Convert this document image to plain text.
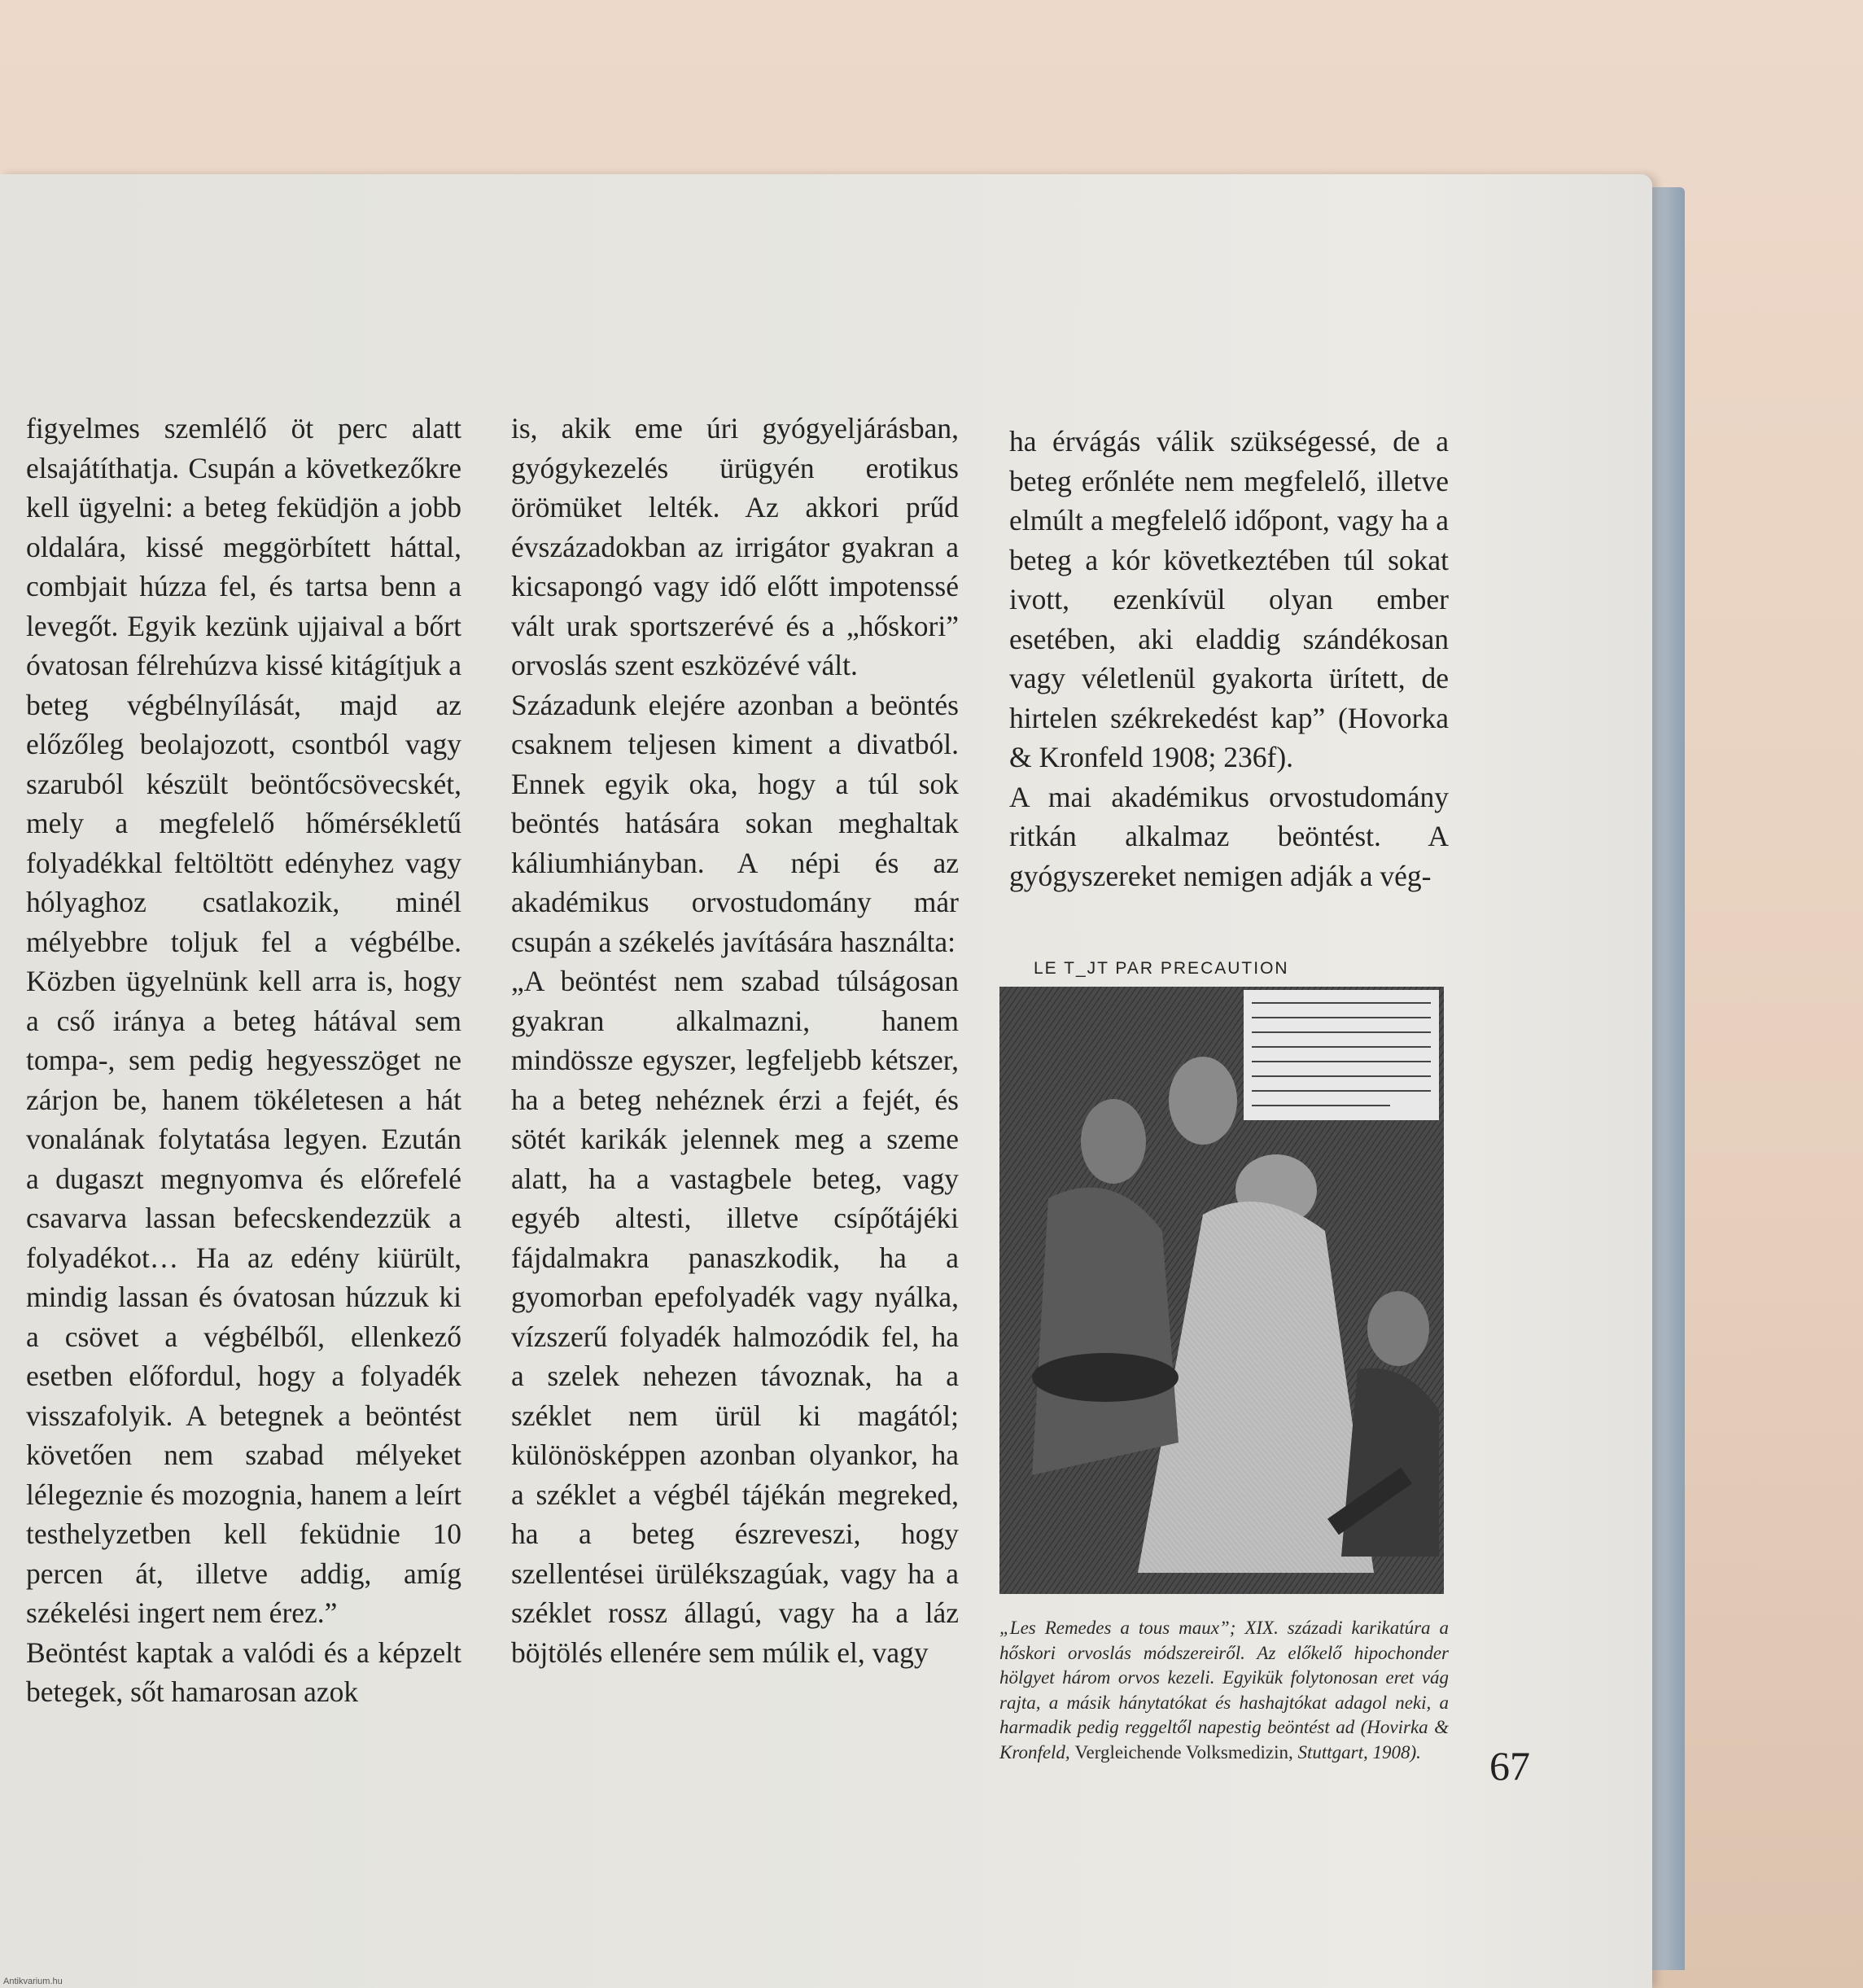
figyelmes szemlélő öt perc alatt elsajátíthatja. Csupán a következőkre kell ügyelni: a beteg feküdjön a jobb oldalára, kissé meggörbített háttal, combjait húzza fel, és tartsa benn a levegőt. Egyik kezünk ujjaival a bőrt óvatosan félrehúzva kissé kitágítjuk a beteg végbélnyílását, majd az előzőleg beolajozott, csontból vagy szaruból készült beöntőcsövecskét, mely a megfelelő hőmérsékletű folyadékkal feltöltött edényhez vagy hólyaghoz csatlakozik, minél mélyebbre toljuk fel a végbélbe. Közben ügyelnünk kell arra is, hogy a cső iránya a beteg hátával sem tompa-, sem pedig hegyesszöget ne zárjon be, hanem tökéletesen a hát vonalának folytatása legyen. Ezután a dugaszt megnyomva és előrefelé csavarva lassan befecskendezzük a folyadékot… Ha az edény kiürült, mindig lassan és óvatosan húzzuk ki a csövet a végbélből, ellenkező esetben előfordul, hogy a folyadék visszafolyik. A betegnek a beöntést követően nem szabad mélyeket lélegeznie és mozognia, hanem a leírt testhelyzetben kell feküdnie 10 percen át, illetve addig, amíg székelési ingert nem érez.”

Beöntést kaptak a valódi és a képzelt betegek, sőt hamarosan azok

is, akik eme úri gyógyeljárásban, gyógykezelés ürügyén erotikus örömüket lelték. Az akkori prűd évszázadokban az irrigátor gyakran a kicsapongó vagy idő előtt impotenssé vált urak sportszerévé és a „hőskori” orvoslás szent eszközévé vált.

Századunk elejére azonban a beöntés csaknem teljesen kiment a divatból. Ennek egyik oka, hogy a túl sok beöntés hatására sokan meghaltak káliumhiányban. A népi és az akadémikus orvostudomány már csupán a székelés javítására használta:

„A beöntést nem szabad túlságosan gyakran alkalmazni, hanem mindössze egyszer, legfeljebb kétszer, ha a beteg nehéznek érzi a fejét, és sötét karikák jelennek meg a szeme alatt, ha a vastagbele beteg, vagy egyéb altesti, illetve csípőtájéki fájdalmakra panaszkodik, ha a gyomorban epefolyadék vagy nyálka, vízszerű folyadék halmozódik fel, ha a szelek nehezen távoznak, ha a széklet nem ürül ki magától; különösképpen azonban olyankor, ha a széklet a végbél tájékán megreked, ha a beteg észreveszi, hogy szellentései ürülékszagúak, vagy ha a széklet rossz állagú, vagy ha a láz böjtölés ellenére sem múlik el, vagy

ha érvágás válik szükségessé, de a beteg erőnléte nem megfelelő, illetve elmúlt a megfelelő időpont, vagy ha a beteg a kór következtében túl sokat ivott, ezenkívül olyan ember esetében, aki eladdig szándékosan vagy véletlenül gyakorta ürített, de hirtelen székrekedést kap” (Hovorka & Kronfeld 1908; 236f).

A mai akadémikus orvostudomány ritkán alkalmaz beöntést. A gyógyszereket nemigen adják a vég-

LE T_JT PAR PRECAUTION
„Les Remedes a tous maux”; XIX. századi karikatúra a hőskori orvoslás módszereiről. Az előkelő hipochonder hölgyet három orvos kezeli. Egyikük folytonosan eret vág rajta, a másik hánytatókat és hashajtókat adagol neki, a harmadik pedig reggeltől napestig beöntést ad (Hovirka & Kronfeld, Vergleichende Volksmedizin, Stuttgart, 1908).	67
Antikvarium.hu
